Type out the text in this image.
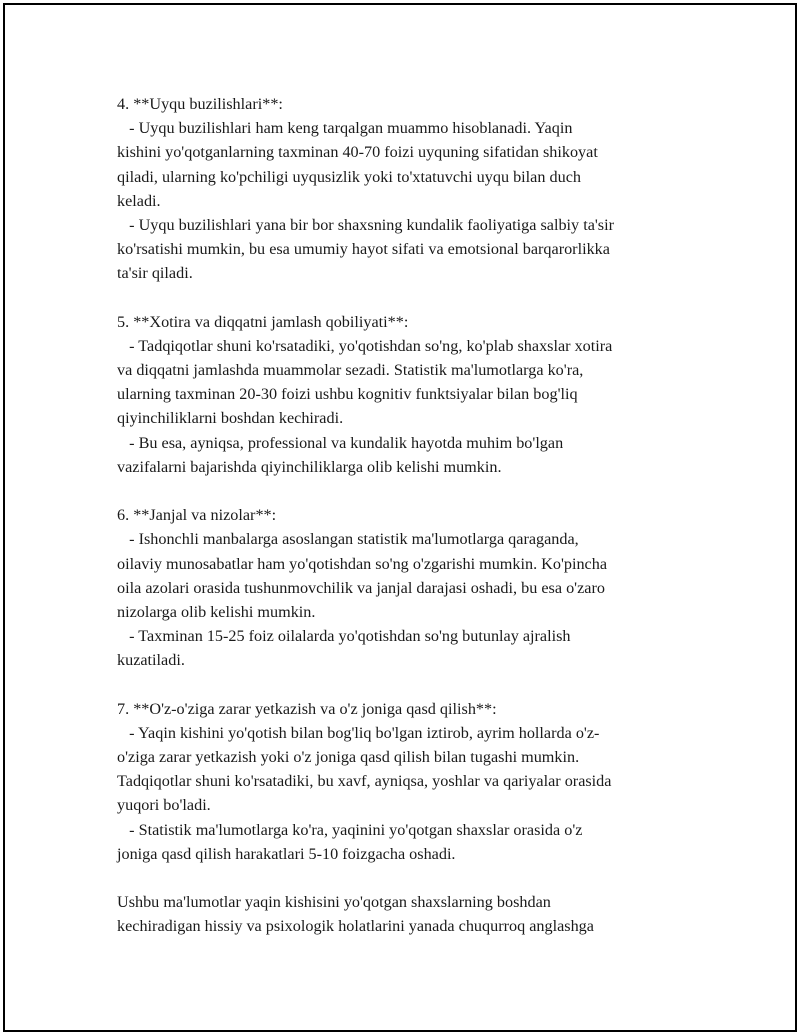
4. **Uyqu buzilishlari**:
- Uyqu buzilishlari ham keng tarqalgan muammo hisoblanadi. Yaqin
kishini yo'qotganlarning taxminan 40-70 foizi uyquning sifatidan shikoyat
qiladi, ularning ko'pchiligi uyqusizlik yoki to'xtatuvchi uyqu bilan duch
keladi.
- Uyqu buzilishlari yana bir bor shaxsning kundalik faoliyatiga salbiy ta'sir
ko'rsatishi mumkin, bu esa umumiy hayot sifati va emotsional barqarorlikka
ta'sir qiladi.
5. **Xotira va diqqatni jamlash qobiliyati**:
- Tadqiqotlar shuni ko'rsatadiki, yo'qotishdan so'ng, ko'plab shaxslar xotira
va diqqatni jamlashda muammolar sezadi. Statistik ma'lumotlarga ko'ra,
ularning taxminan 20-30 foizi ushbu kognitiv funktsiyalar bilan bog'liq
qiyinchiliklarni boshdan kechiradi.
- Bu esa, ayniqsa, professional va kundalik hayotda muhim bo'lgan
vazifalarni bajarishda qiyinchiliklarga olib kelishi mumkin.
6. **Janjal va nizolar**:
- Ishonchli manbalarga asoslangan statistik ma'lumotlarga qaraganda,
oilaviy munosabatlar ham yo'qotishdan so'ng o'zgarishi mumkin. Ko'pincha
oila azolari orasida tushunmovchilik va janjal darajasi oshadi, bu esa o'zaro
nizolarga olib kelishi mumkin.
- Taxminan 15-25 foiz oilalarda yo'qotishdan so'ng butunlay ajralish
kuzatiladi.
7. **O'z-o'ziga zarar yetkazish va o'z joniga qasd qilish**:
- Yaqin kishini yo'qotish bilan bog'liq bo'lgan iztirob, ayrim hollarda o'z-
o'ziga zarar yetkazish yoki o'z joniga qasd qilish bilan tugashi mumkin.
Tadqiqotlar shuni ko'rsatadiki, bu xavf, ayniqsa, yoshlar va qariyalar orasida
yuqori bo'ladi.
- Statistik ma'lumotlarga ko'ra, yaqinini yo'qotgan shaxslar orasida o'z
joniga qasd qilish harakatlari 5-10 foizgacha oshadi.
Ushbu ma'lumotlar yaqin kishisini yo'qotgan shaxslarning boshdan
kechiradigan hissiy va psixologik holatlarini yanada chuqurroq anglashga
